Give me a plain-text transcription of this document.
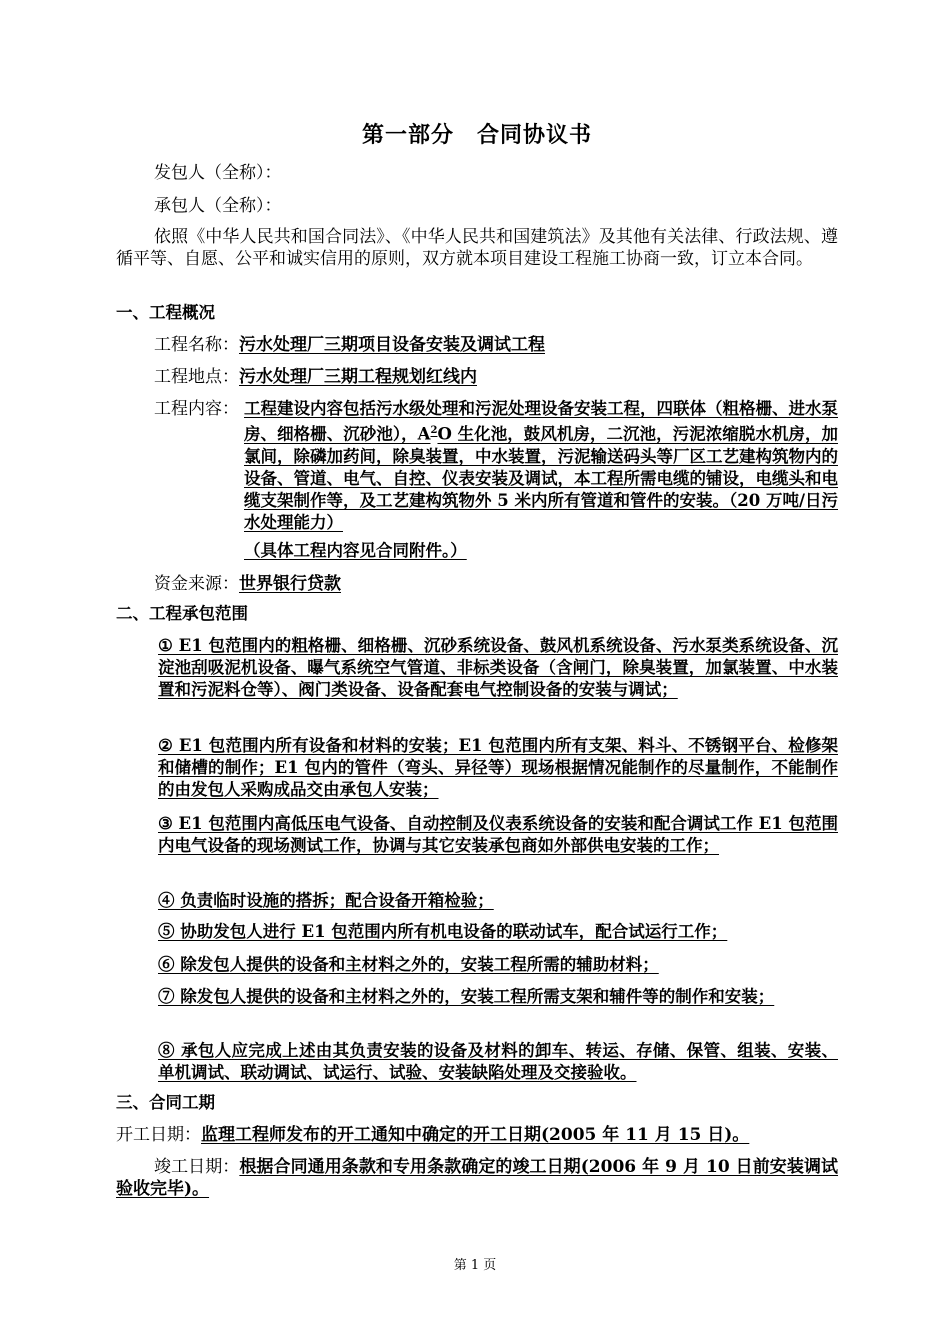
第一部分　合同协议书
发包人（全称）：
承包人（全称）：
依照《中华人民共和国合同法》、《中华人民共和国建筑法》及其他有关法律、行政法规、遵循平等、自愿、公平和诚实信用的原则，双方就本项目建设工程施工协商一致，订立本合同。
一、工程概况
工程名称：污水处理厂三期项目设备安装及调试工程
工程地点：污水处理厂三期工程规划红线内
工程内容： 工程建设内容包括污水级处理和污泥处理设备安装工程，四联体（粗格栅、进水泵房、细格栅、沉砂池），$A^2O$ 生化池，鼓风机房，二沉池，污泥浓缩脱水机房，加氯间，除磷加药间，除臭装置，中水装置，污泥输送码头等厂区工艺建构筑物内的设备、管道、电气、自控、仪表安装及调试，本工程所需电缆的铺设，电缆头和电缆支架制作等，及工艺建构筑物外 5 米内所有管道和管件的安装。（20 万吨/日污水处理能力）
（具体工程内容见合同附件。）
资金来源：世界银行贷款
二、工程承包范围
① E1 包范围内的粗格栅、细格栅、沉砂系统设备、鼓风机系统设备、污水泵类系统设备、沉淀池刮吸泥机设备、曝气系统空气管道、非标类设备（含闸门，除臭装置，加氯装置、中水装置和污泥料仓等）、阀门类设备、设备配套电气控制设备的安装与调试；
② E1 包范围内所有设备和材料的安装；E1 包范围内所有支架、料斗、不锈钢平台、检修架和储槽的制作；E1 包内的管件（弯头、异径等）现场根据情况能制作的尽量制作，不能制作的由发包人采购成品交由承包人安装；
③ E1 包范围内高低压电气设备、自动控制及仪表系统设备的安装和配合调试工作 E1 包范围内电气设备的现场测试工作，协调与其它安装承包商如外部供电安装的工作；
④ 负责临时设施的搭拆；配合设备开箱检验；
⑤ 协助发包人进行 E1 包范围内所有机电设备的联动试车，配合试运行工作；
⑥ 除发包人提供的设备和主材料之外的，安装工程所需的辅助材料；
⑦ 除发包人提供的设备和主材料之外的，安装工程所需支架和辅件等的制作和安装；
⑧ 承包人应完成上述由其负责安装的设备及材料的卸车、转运、存储、保管、组装、安装、单机调试、联动调试、试运行、试验、安装缺陷处理及交接验收。
三、合同工期
开工日期：监理工程师发布的开工通知中确定的开工日期(2005 年 11 月 15 日)。
竣工日期：根据合同通用条款和专用条款确定的竣工日期(2006 年 9 月 10 日前安装调试验收完毕)。
第 1 页
